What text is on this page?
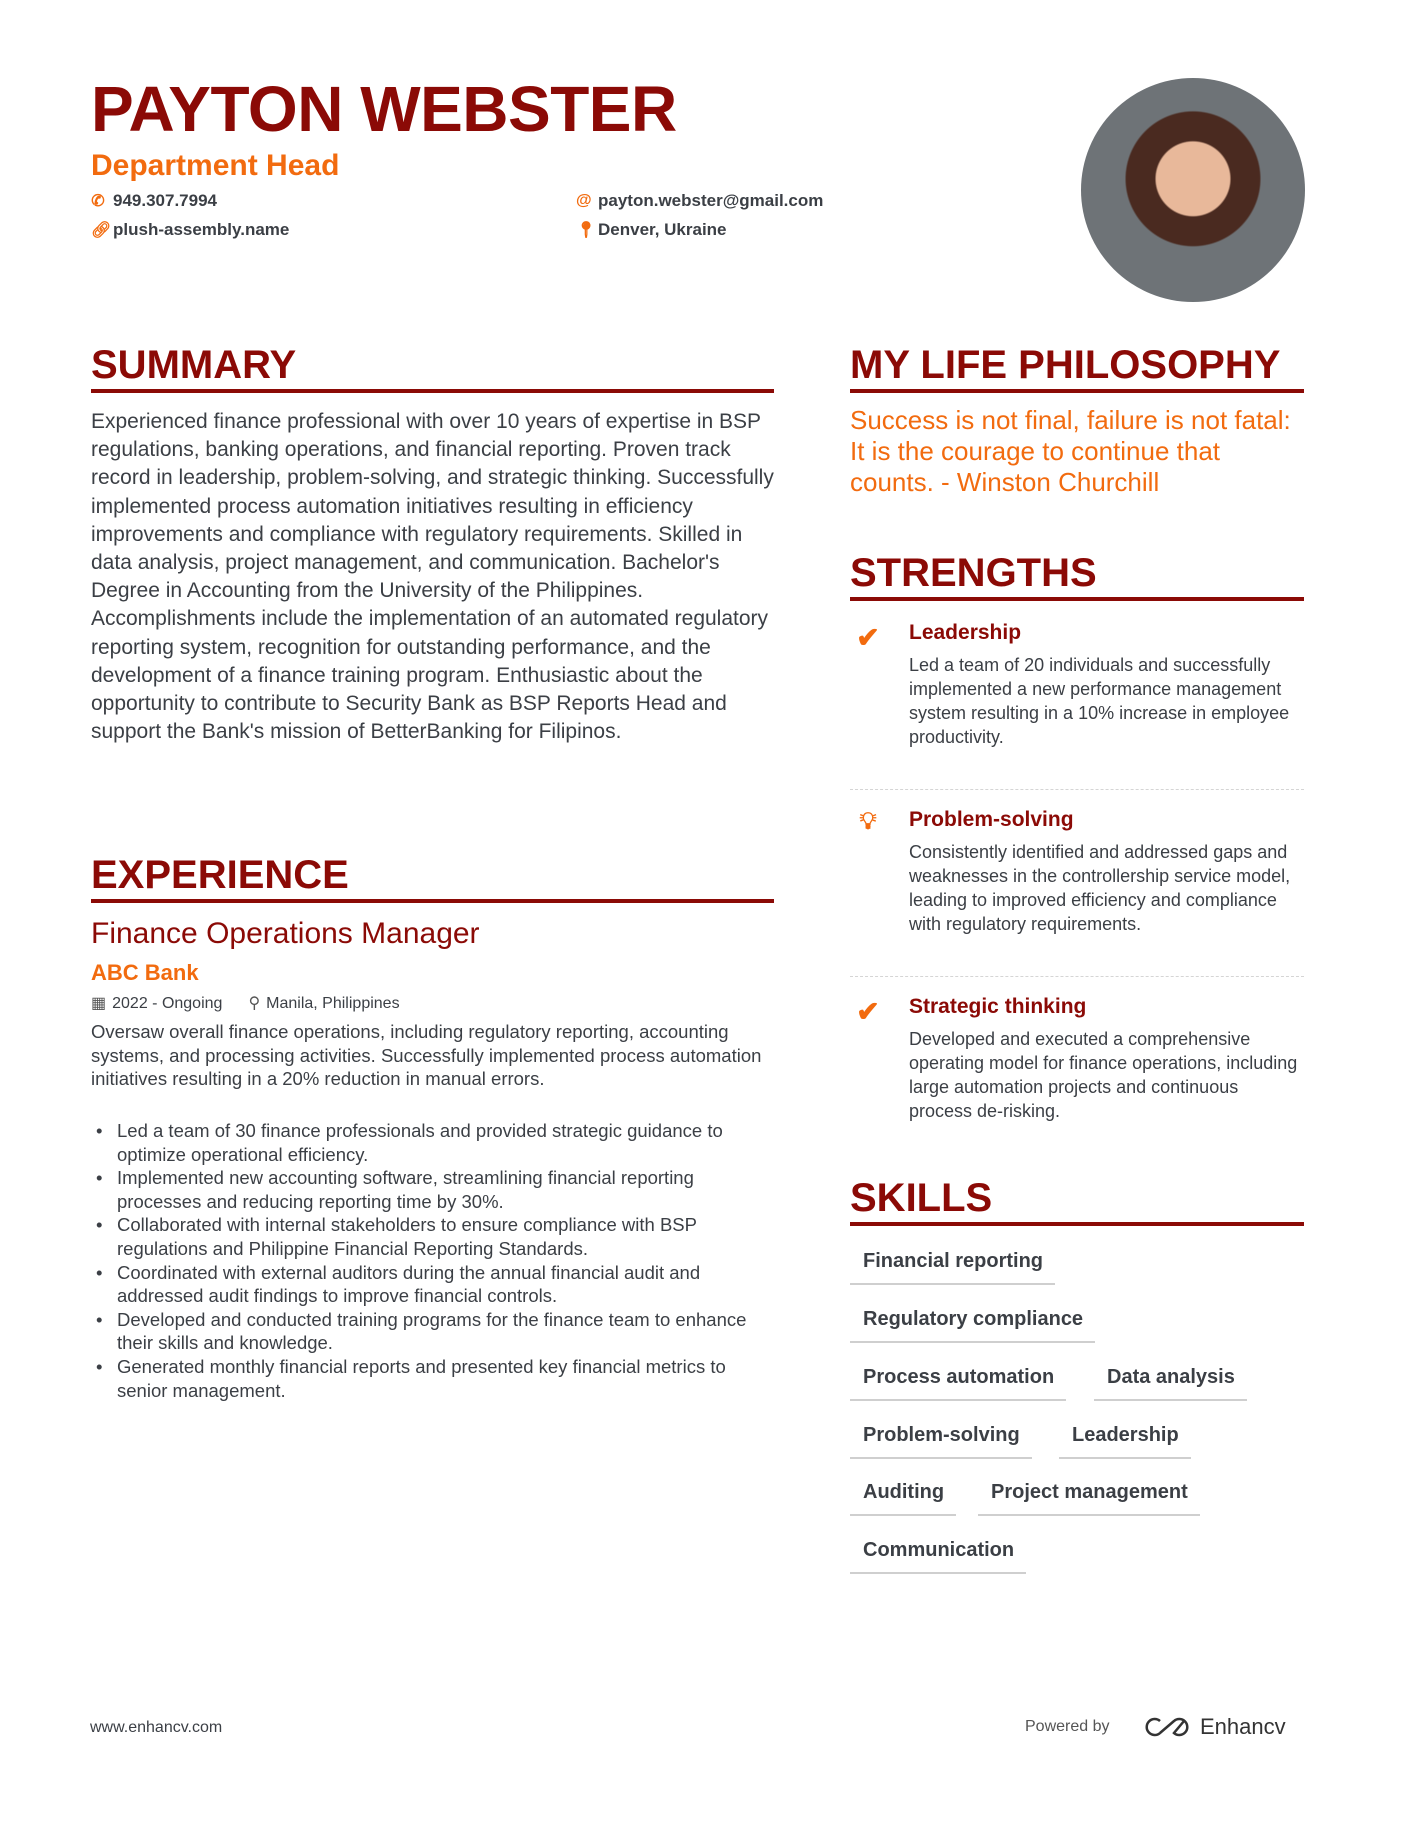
PAYTON WEBSTER
Department Head
✆ 949.307.7994
🔗︎ plush-assembly.name
@ payton.webster@gmail.com
📍︎ Denver, Ukraine
SUMMARY
Experienced finance professional with over 10 years of expertise in BSP regulations, banking operations, and financial reporting. Proven track record in leadership, problem-solving, and strategic thinking. Successfully implemented process automation initiatives resulting in efficiency improvements and compliance with regulatory requirements. Skilled in data analysis, project management, and communication. Bachelor's Degree in Accounting from the University of the Philippines. Accomplishments include the implementation of an automated regulatory reporting system, recognition for outstanding performance, and the development of a finance training program. Enthusiastic about the opportunity to contribute to Security Bank as BSP Reports Head and support the Bank's mission of BetterBanking for Filipinos.
EXPERIENCE
Finance Operations Manager
ABC Bank
▦ 2022 - Ongoing ⚲ Manila, Philippines
Oversaw overall finance operations, including regulatory reporting, accounting systems, and processing activities. Successfully implemented process automation initiatives resulting in a 20% reduction in manual errors.
• Led a team of 30 finance professionals and provided strategic guidance to optimize operational efficiency.
• Implemented new accounting software, streamlining financial reporting processes and reducing reporting time by 30%.
• Collaborated with internal stakeholders to ensure compliance with BSP regulations and Philippine Financial Reporting Standards.
• Coordinated with external auditors during the annual financial audit and addressed audit findings to improve financial controls.
• Developed and conducted training programs for the finance team to enhance their skills and knowledge.
• Generated monthly financial reports and presented key financial metrics to senior management.
MY LIFE PHILOSOPHY
Success is not final, failure is not fatal: It is the courage to continue that counts. - Winston Churchill
STRENGTHS
✔ Leadership
Led a team of 20 individuals and successfully implemented a new performance management system resulting in a 10% increase in employee productivity.
💡︎	Problem-solving
Consistently identified and addressed gaps and weaknesses in the controllership service model, leading to improved efficiency and compliance with regulatory requirements.
✔ Strategic thinking
Developed and executed a comprehensive operating model for finance operations, including large automation projects and continuous process de-risking.
SKILLS
Financial reporting
Regulatory compliance
Process automation	Data analysis
Problem-solving	Leadership
Auditing	Project management
Communication
www.enhancv.com	Powered by	Enhancv
